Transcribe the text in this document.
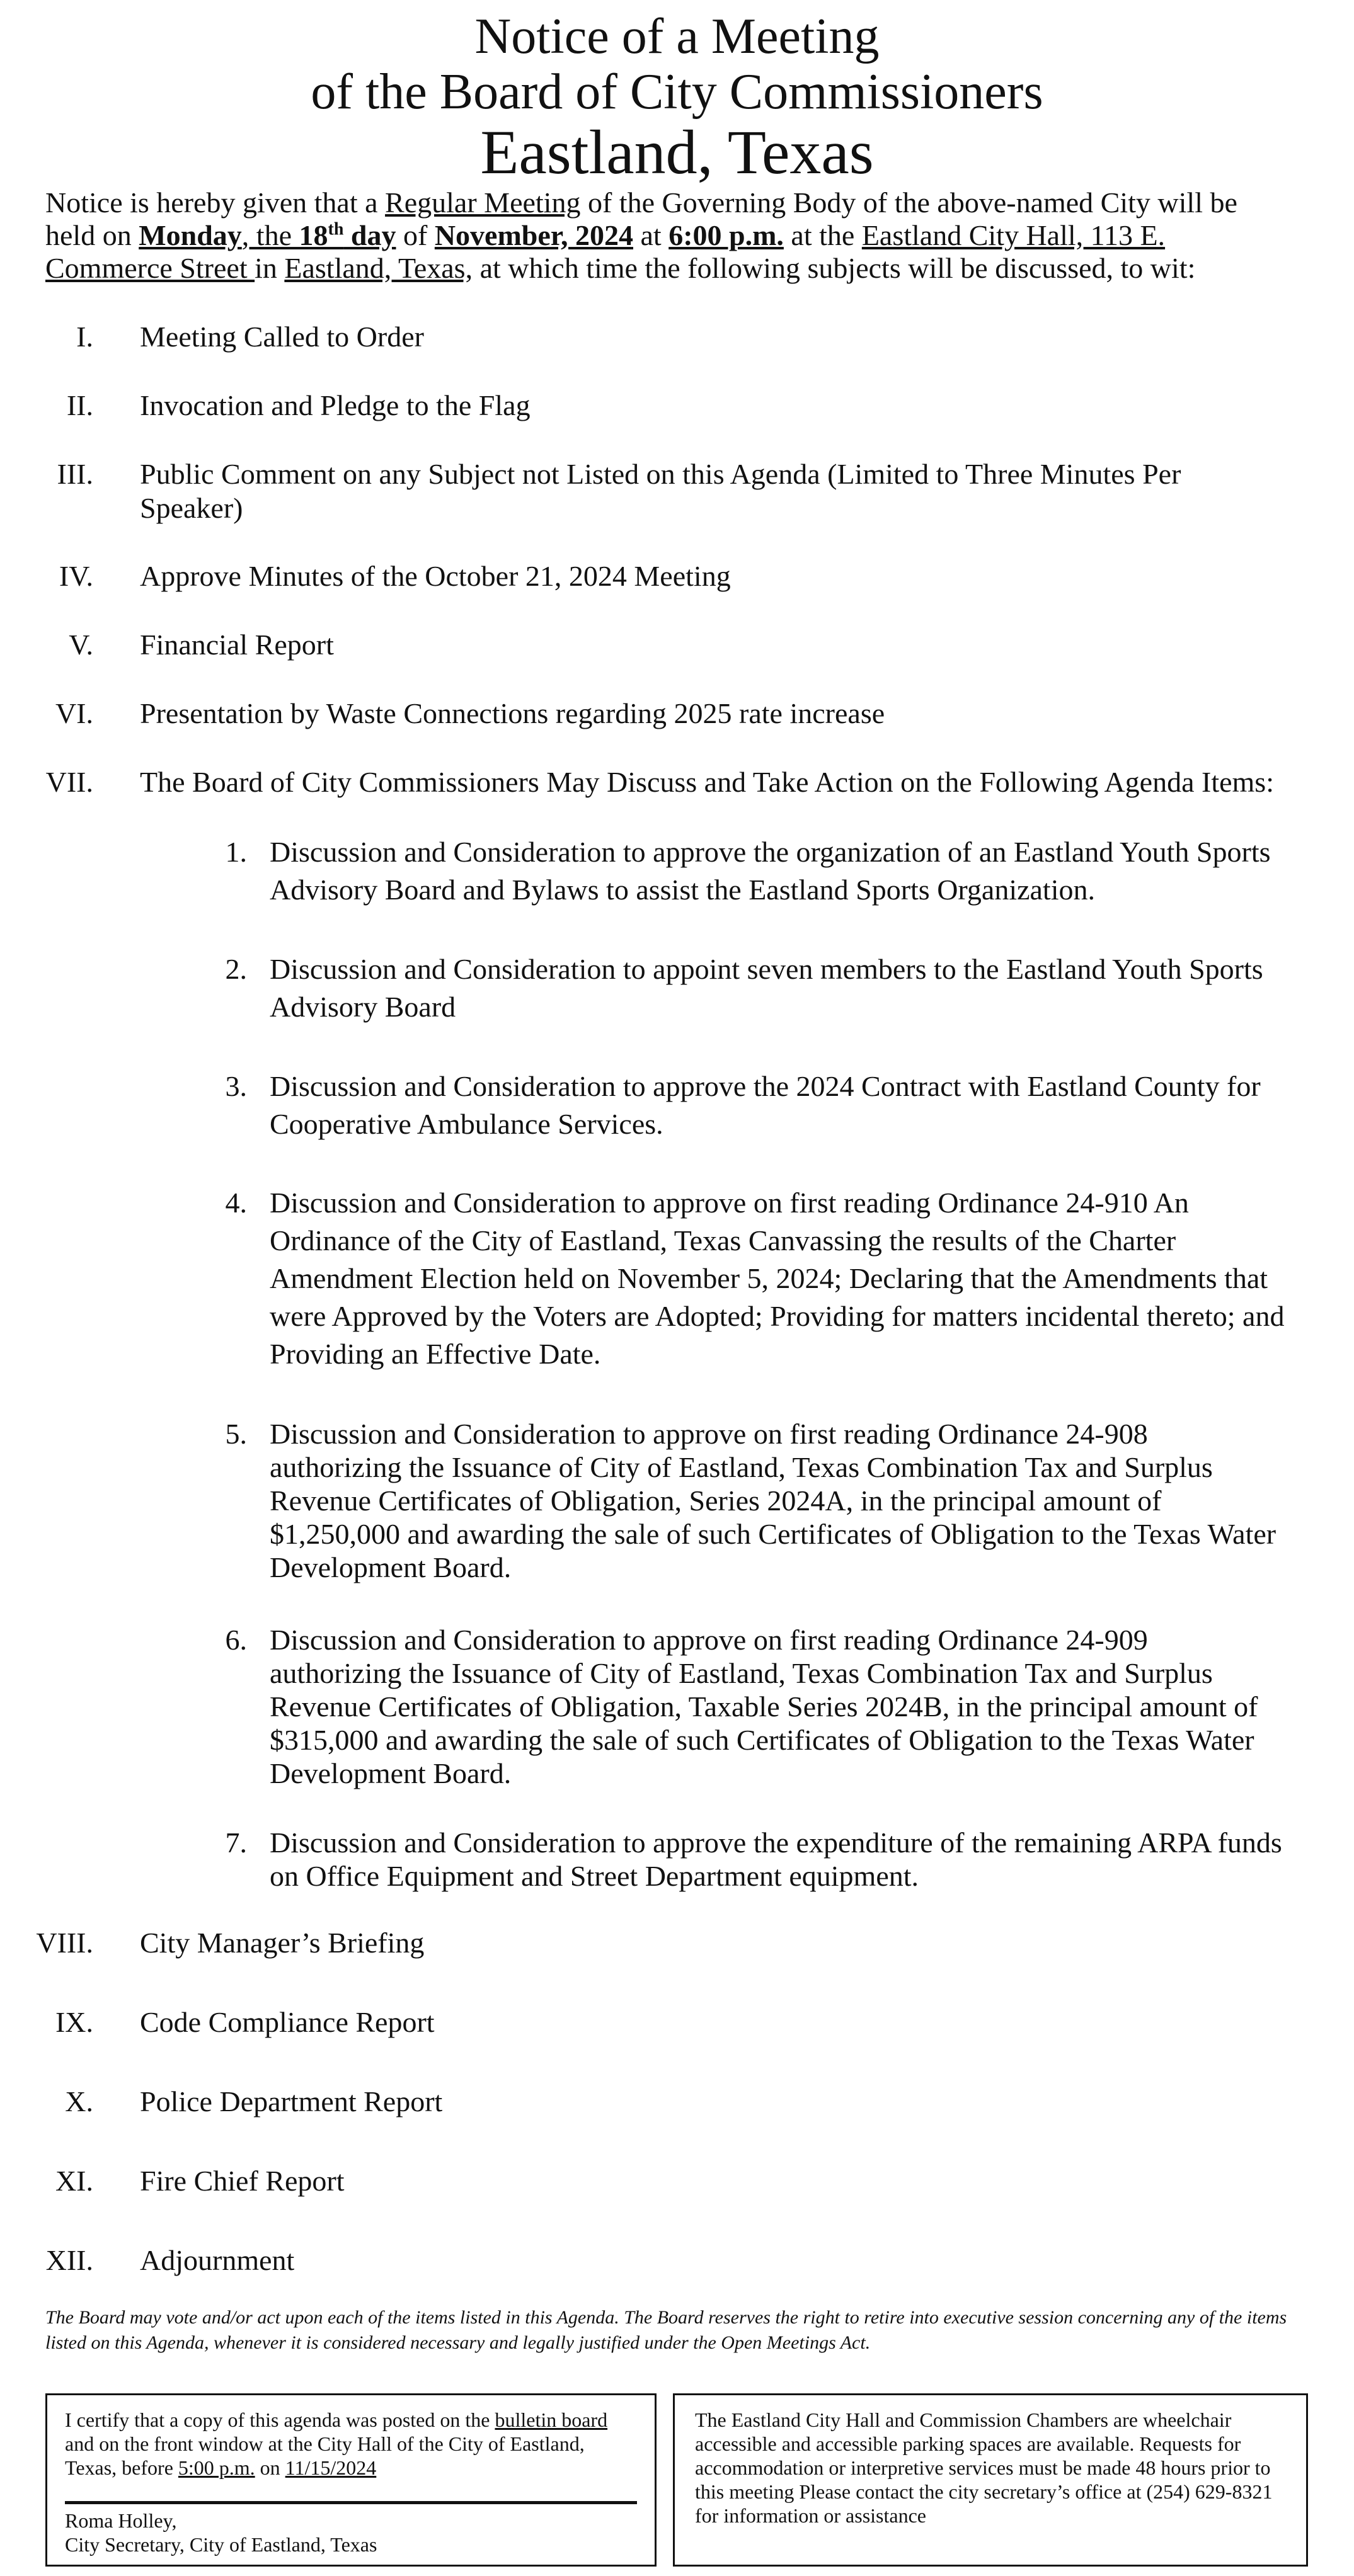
Notice of a Meeting
of the Board of City Commissioners
Eastland, Texas
Notice is hereby given that a Regular Meeting of the Governing Body of the above-named City will be held on Monday, the 18th day of November, 2024 at 6:00 p.m. at the Eastland City Hall, 113 E. Commerce Street in Eastland, Texas, at which time the following subjects will be discussed, to wit:
I. Meeting Called to Order
II. Invocation and Pledge to the Flag
III. Public Comment on any Subject not Listed on this Agenda (Limited to Three Minutes Per Speaker)
IV. Approve Minutes of the October 21, 2024 Meeting
V. Financial Report
VI. Presentation by Waste Connections regarding 2025 rate increase
VII. The Board of City Commissioners May Discuss and Take Action on the Following Agenda Items:
1. Discussion and Consideration to approve the organization of an Eastland Youth Sports Advisory Board and Bylaws to assist the Eastland Sports Organization.
2. Discussion and Consideration to appoint seven members to the Eastland Youth Sports Advisory Board
3. Discussion and Consideration to approve the 2024 Contract with Eastland County for Cooperative Ambulance Services.
4. Discussion and Consideration to approve on first reading Ordinance 24-910 An Ordinance of the City of Eastland, Texas Canvassing the results of the Charter Amendment Election held on November 5, 2024; Declaring that the Amendments that were Approved by the Voters are Adopted; Providing for matters incidental thereto; and Providing an Effective Date.
5. Discussion and Consideration to approve on first reading Ordinance 24-908 authorizing the Issuance of City of Eastland, Texas Combination Tax and Surplus Revenue Certificates of Obligation, Series 2024A, in the principal amount of $1,250,000 and awarding the sale of such Certificates of Obligation to the Texas Water Development Board.
6. Discussion and Consideration to approve on first reading Ordinance 24-909 authorizing the Issuance of City of Eastland, Texas Combination Tax and Surplus Revenue Certificates of Obligation, Taxable Series 2024B, in the principal amount of $315,000 and awarding the sale of such Certificates of Obligation to the Texas Water Development Board.
7. Discussion and Consideration to approve the expenditure of the remaining ARPA funds on Office Equipment and Street Department equipment.
VIII. City Manager’s Briefing
IX. Code Compliance Report
X. Police Department Report
XI. Fire Chief Report
XII. Adjournment
The Board may vote and/or act upon each of the items listed in this Agenda. The Board reserves the right to retire into executive session concerning any of the items listed on this Agenda, whenever it is considered necessary and legally justified under the Open Meetings Act.
I certify that a copy of this agenda was posted on the bulletin board and on the front window at the City Hall of the City of Eastland, Texas, before 5:00 p.m. on 11/15/2024
Roma Holley,
City Secretary, City of Eastland, Texas
The Eastland City Hall and Commission Chambers are wheelchair accessible and accessible parking spaces are available. Requests for accommodation or interpretive services must be made 48 hours prior to this meeting Please contact the city secretary’s office at (254) 629-8321 for information or assistance
